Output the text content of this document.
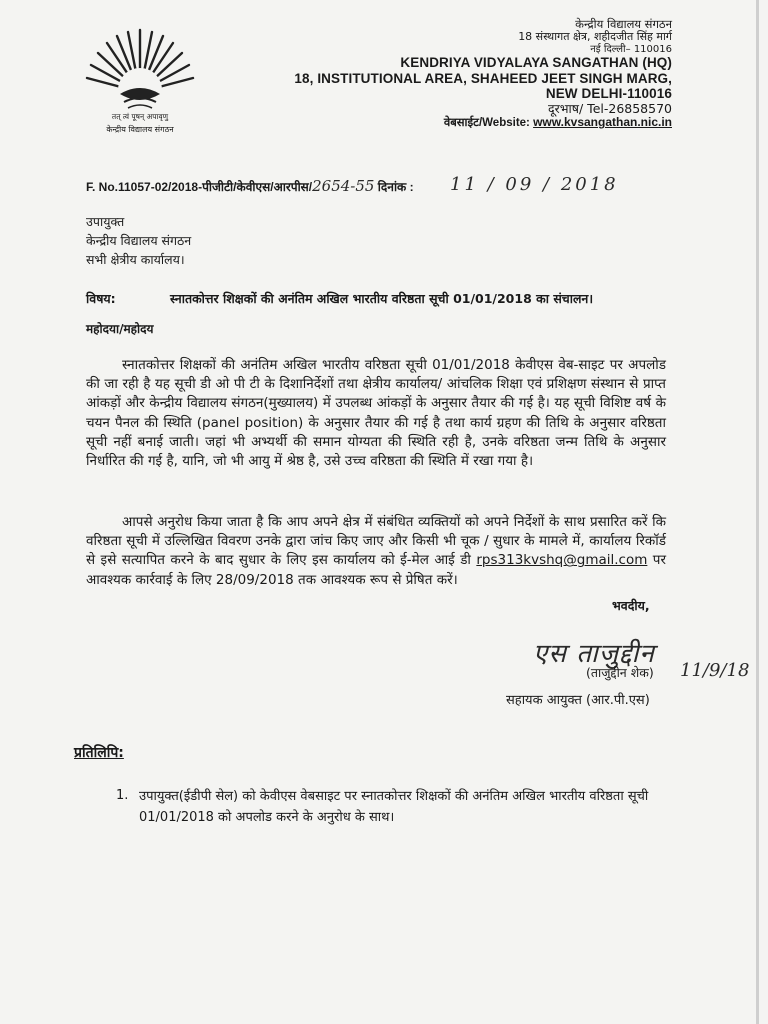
तत् त्वं पूषन् अपावृणु
केन्द्रीय विद्यालय संगठन
केन्द्रीय विद्यालय संगठन
18 संस्थागत क्षेत्र, शहीदजीत सिंह मार्ग
नई दिल्ली– 110016
KENDRIYA VIDYALAYA SANGATHAN (HQ)
18, INSTITUTIONAL AREA, SHAHEED JEET SINGH MARG,
NEW DELHI-110016
दूरभाष/ Tel-26858570
वेबसाईट/Website: www.kvsangathan.nic.in
F. No.11057-02/2018-पीजीटी/केवीएस/आरपीस/2654-55 दिनांक : 11 / 09 / 2018
उपायुक्त
केन्द्रीय विद्यालय संगठन
सभी क्षेत्रीय कार्यालय।
विषय:	स्नातकोत्तर शिक्षकों की अनंतिम अखिल भारतीय वरिष्ठता सूची 01/01/2018 का संचालन।
महोदया/महोदय
स्नातकोत्तर शिक्षकों की अनंतिम अखिल भारतीय वरिष्ठता सूची 01/01/2018 केवीएस वेब-साइट पर अपलोड की जा रही है यह सूची डी ओ पी टी के दिशानिर्देशों तथा क्षेत्रीय कार्यालय/ आंचलिक शिक्षा एवं प्रशिक्षण संस्थान से प्राप्त आंकड़ों और केन्द्रीय विद्यालय संगठन(मुख्यालय) में उपलब्ध आंकड़ों के अनुसार तैयार की गई है। यह सूची विशिष्ट वर्ष के चयन पैनल की स्थिति (panel position) के अनुसार तैयार की गई है तथा कार्य ग्रहण की तिथि के अनुसार वरिष्ठता सूची नहीं बनाई जाती। जहां भी अभ्यर्थी की समान योग्यता की स्थिति रही है, उनके वरिष्ठता जन्म तिथि के अनुसार निर्धारित की गई है, यानि, जो भी आयु में श्रेष्ठ है, उसे उच्च वरिष्ठता की स्थिति में रखा गया है।
आपसे अनुरोध किया जाता है कि आप अपने क्षेत्र में संबंधित व्यक्तियों को अपने निर्देशों के साथ प्रसारित करें कि वरिष्ठता सूची में उल्लिखित विवरण उनके द्वारा जांच किए जाए और किसी भी चूक / सुधार के मामले में, कार्यालय रिकॉर्ड से इसे सत्यापित करने के बाद सुधार के लिए इस कार्यालय को ई-मेल आई डी rps313kvshq@gmail.com पर आवश्यक कार्रवाई के लिए 28/09/2018 तक आवश्यक रूप से प्रेषित करें।
भवदीय,
एस ताजुद्दीन
11/9/18
(ताजुद्दीन शेक)
सहायक आयुक्त (आर.पी.एस)
प्रतिलिपि:
1. उपायुक्त(ईडीपी सेल) को केवीएस वेबसाइट पर स्नातकोत्तर शिक्षकों की अनंतिम अखिल भारतीय वरिष्ठता सूची 01/01/2018 को अपलोड करने के अनुरोध के साथ।
